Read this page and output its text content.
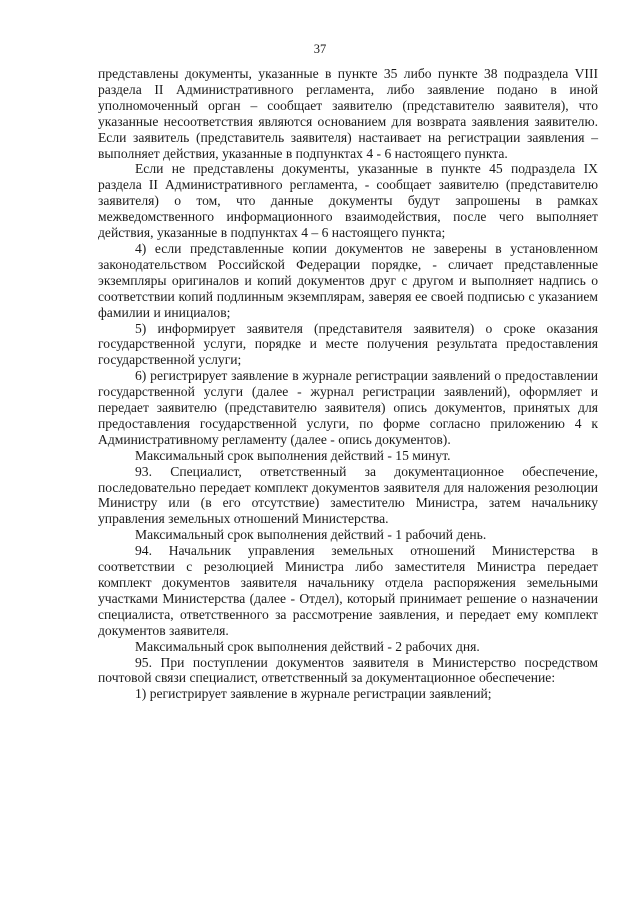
37

представлены документы, указанные в пункте 35 либо пункте 38 подраздела VIII раздела II Административного регламента, либо заявление подано в иной уполномоченный орган – сообщает заявителю (представителю заявителя), что указанные несоответствия являются основанием для возврата заявления заявителю. Если заявитель (представитель заявителя) настаивает на регистрации заявления – выполняет действия, указанные в подпунктах 4 - 6 настоящего пункта.

Если не представлены документы, указанные в пункте 45 подраздела IX раздела II Административного регламента, - сообщает заявителю (представителю заявителя) о том, что данные документы будут запрошены в рамках межведомственного информационного взаимодействия, после чего выполняет действия, указанные в подпунктах 4 – 6 настоящего пункта;

4) если представленные копии документов не заверены в установленном законодательством Российской Федерации порядке, - сличает представленные экземпляры оригиналов и копий документов друг с другом и выполняет надпись о соответствии копий подлинным экземплярам, заверяя ее своей подписью с указанием фамилии и инициалов;

5) информирует заявителя (представителя заявителя) о сроке оказания государственной услуги, порядке и месте получения результата предоставления государственной услуги;

6) регистрирует заявление в журнале регистрации заявлений о предоставлении государственной услуги (далее - журнал регистрации заявлений), оформляет и передает заявителю (представителю заявителя) опись документов, принятых для предоставления государственной услуги, по форме согласно приложению 4 к Административному регламенту (далее - опись документов).

Максимальный срок выполнения действий - 15 минут.

93. Специалист, ответственный за документационное обеспечение, последовательно передает комплект документов заявителя для наложения резолюции Министру или (в его отсутствие) заместителю Министра, затем начальнику управления земельных отношений Министерства.

Максимальный срок выполнения действий - 1 рабочий день.

94. Начальник управления земельных отношений Министерства в соответствии с резолюцией Министра либо заместителя Министра передает комплект документов заявителя начальнику отдела распоряжения земельными участками Министерства (далее - Отдел), который принимает решение о назначении специалиста, ответственного за рассмотрение заявления, и передает ему комплект документов заявителя.

Максимальный срок выполнения действий - 2 рабочих дня.

95. При поступлении документов заявителя в Министерство посредством почтовой связи специалист, ответственный за документационное обеспечение:

1) регистрирует заявление в журнале регистрации заявлений;
